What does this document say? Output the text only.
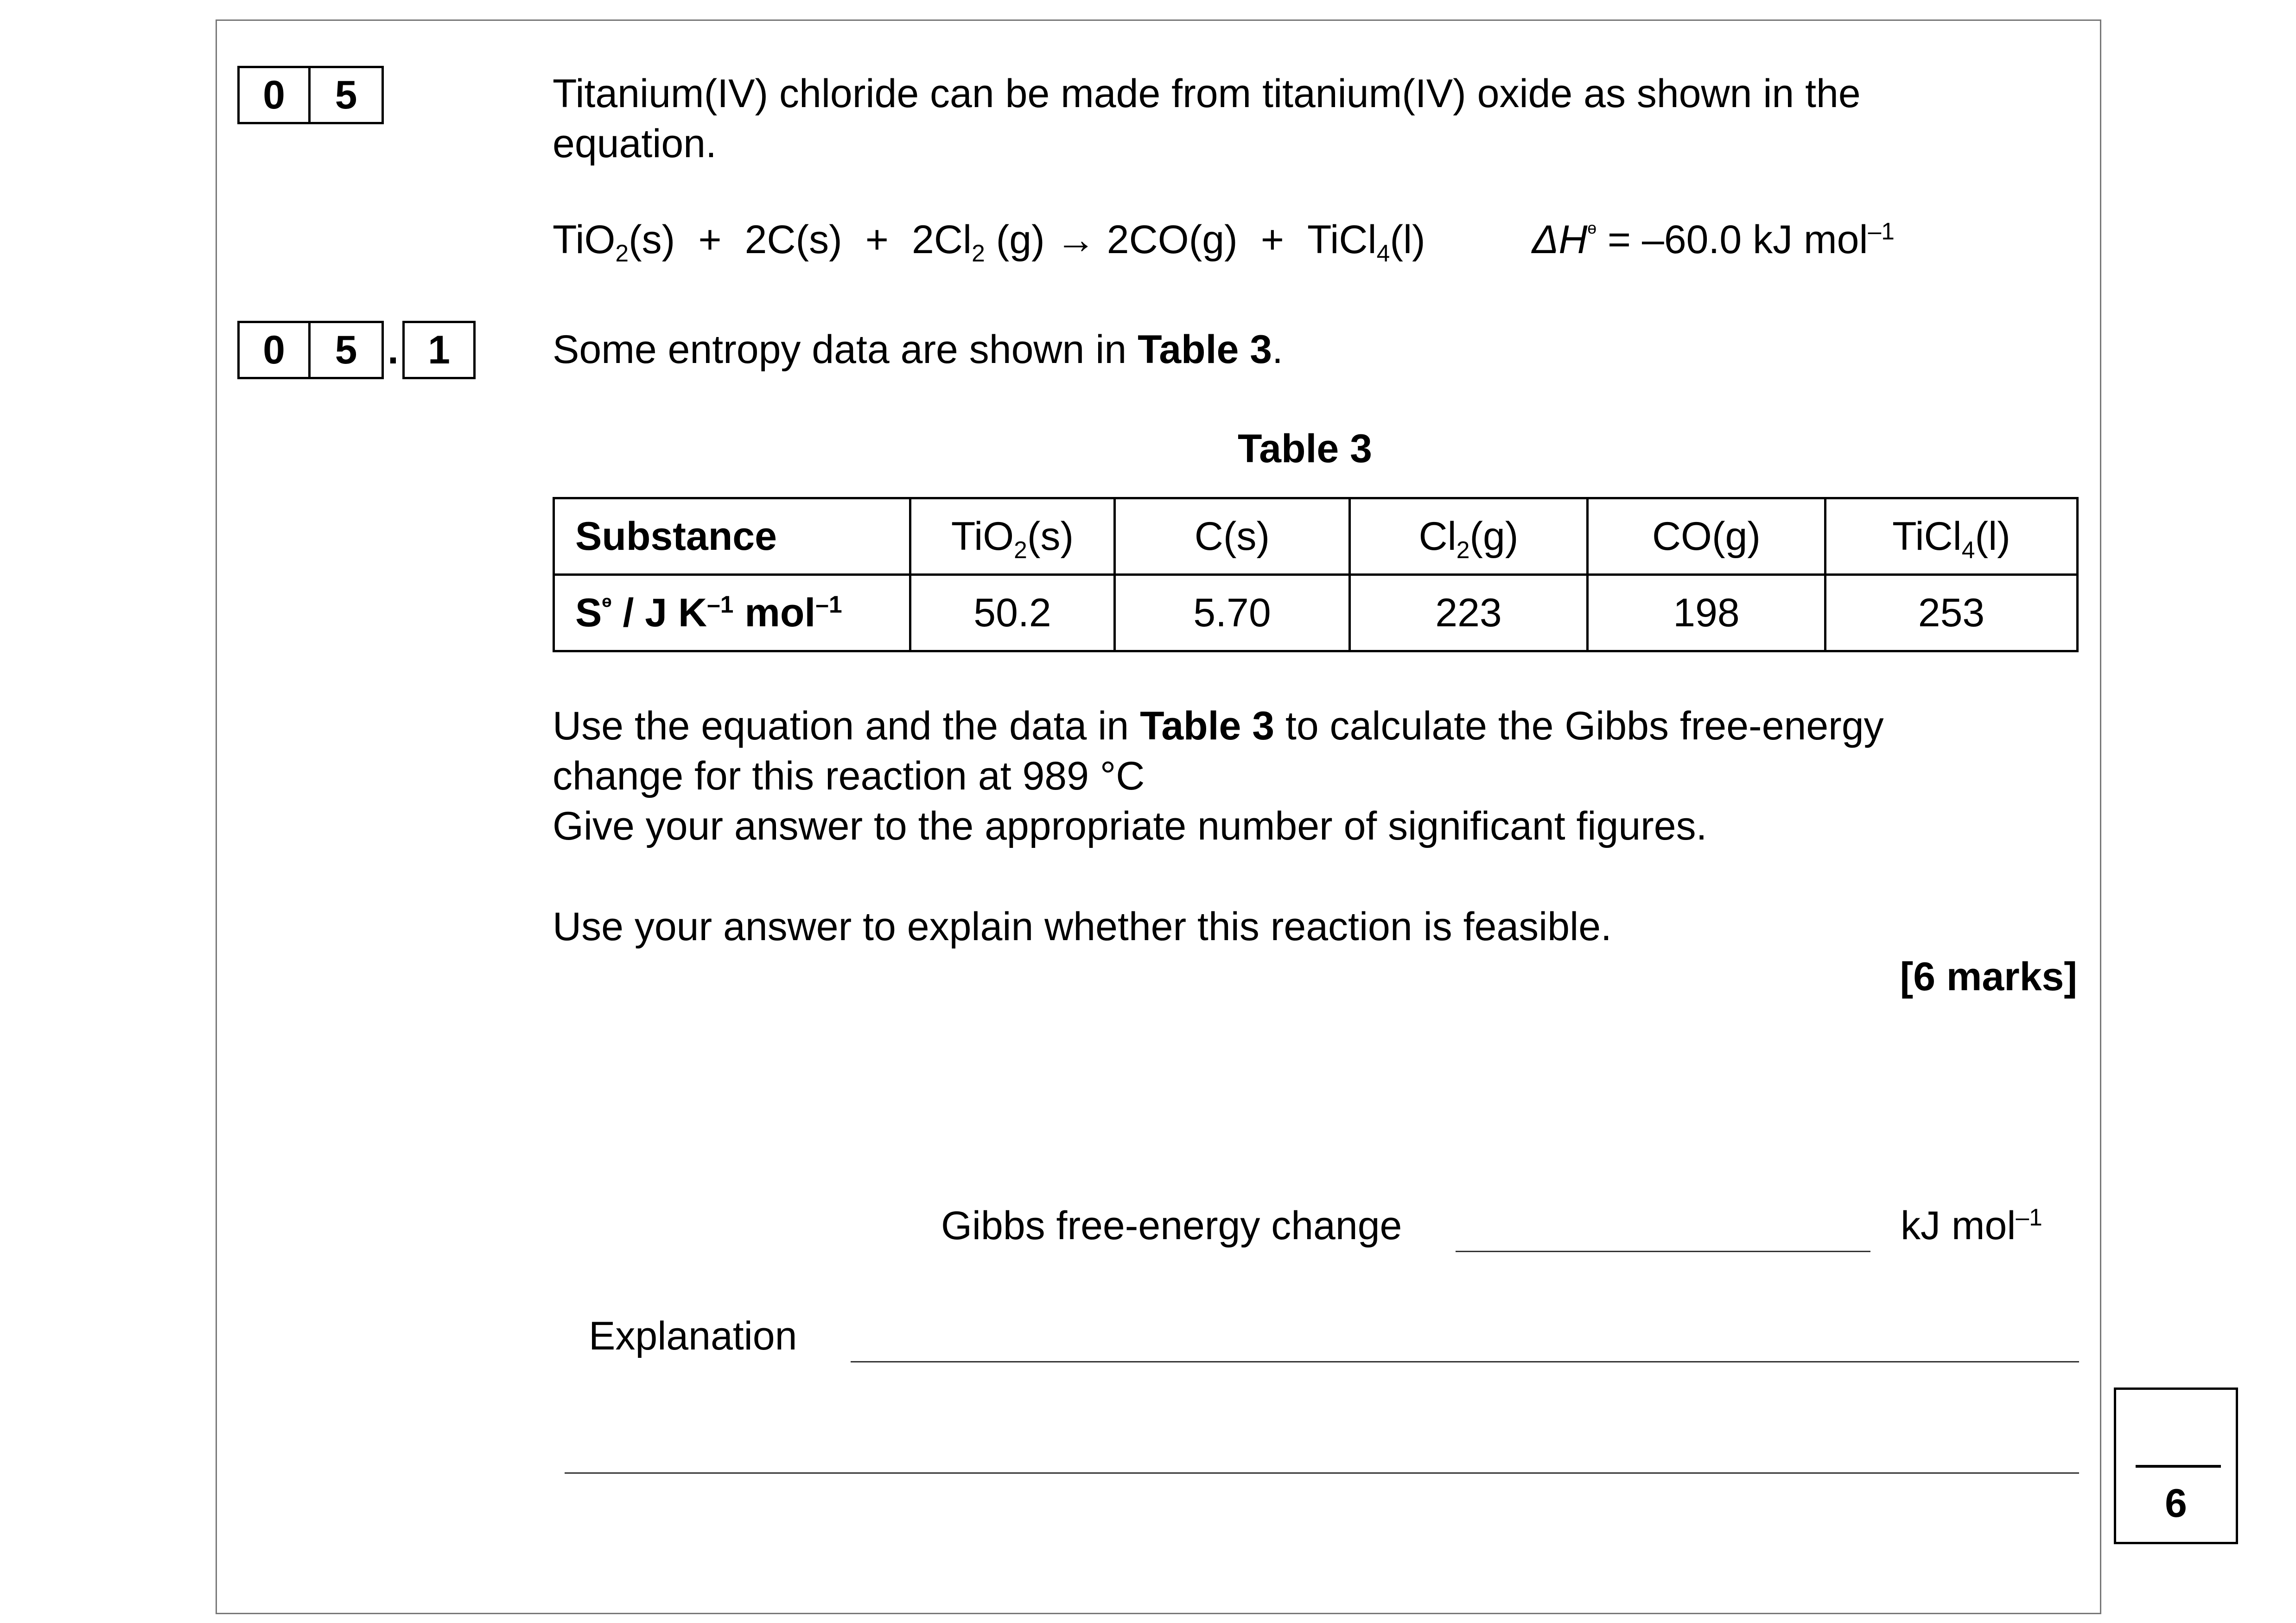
0	5	Titanium(IV) chloride can be made from titanium(IV) oxide as shown in the
equation.
$TiO_2(s) + 2C(s) + 2Cl_2$ (g) → 2CO(g) + TiCl$_4$(l)	$\Delta H^ᶱ = -60.0$ kJ mol$^{-1}$
0	5 . 1	Some entropy data are shown in Table 3.
Table 3
Substance	TiO$_2$(s)	C(s)	$Cl_2(g)$	CO(g)	TiCl$_4$(l)
$S^ᶱ$ / J $K^{-1}$ mol$^{-1}$	50.2	5.70	223	198	253
Use the equation and the data in Table 3 to calculate the Gibbs free-energy
change for this reaction at 989 °C
Give your answer to the appropriate number of significant figures.
Use your answer to explain whether this reaction is feasible.
[6 marks]
Gibbs free-energy change	kJ mol$^{-1}$
Explanation
6
